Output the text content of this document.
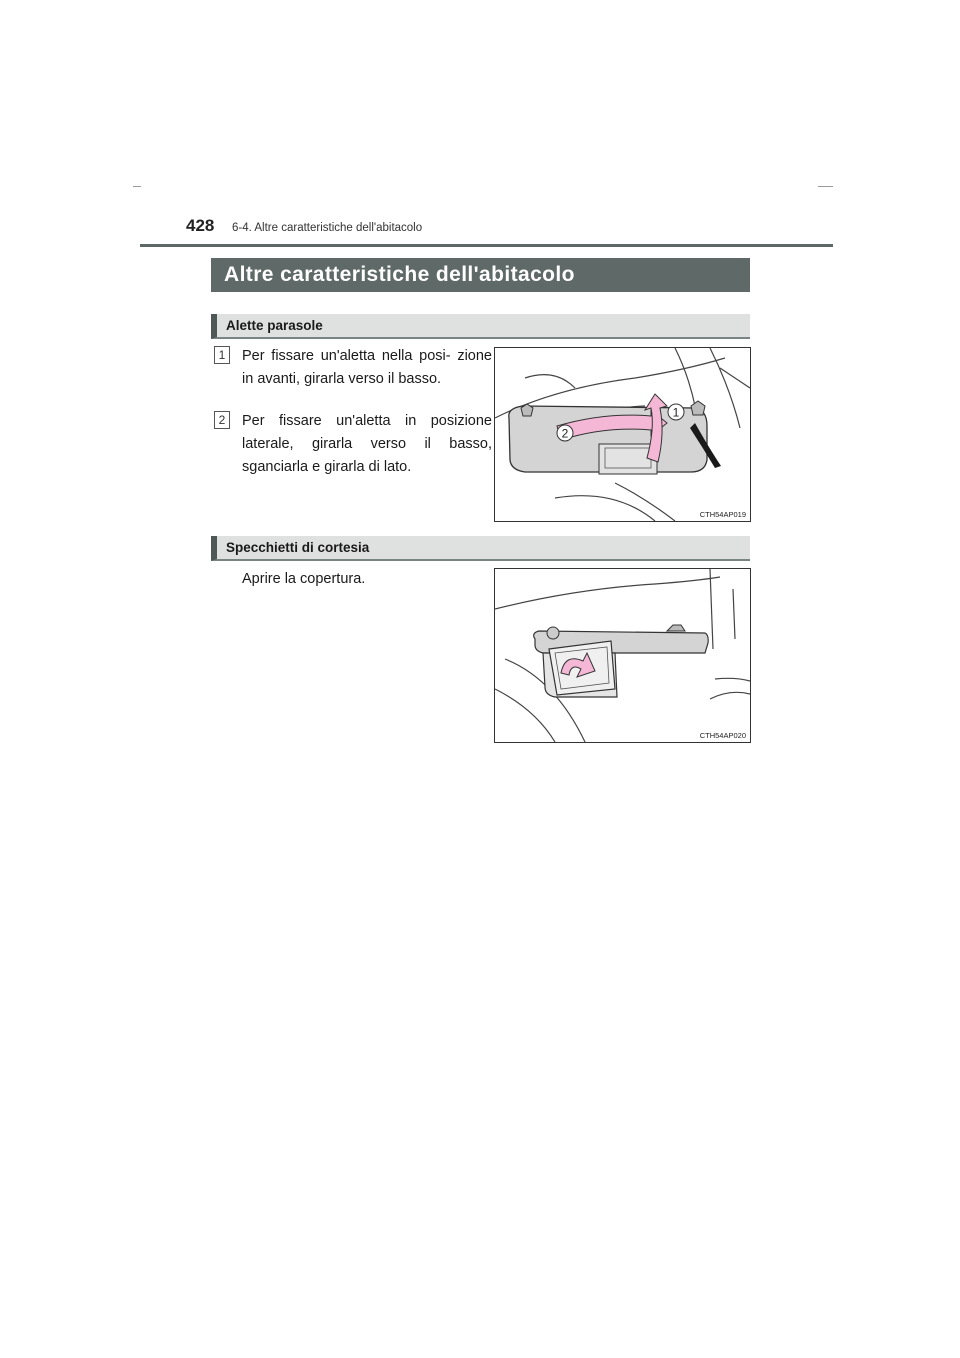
428 6-4. Altre caratteristiche dell'abitacolo
Altre caratteristiche dell'abitacolo
Alette parasole
1	Per fissare un'aletta nella posi- zione in avanti, girarla verso il basso.
2	Per fissare un'aletta in posizione laterale, girarla verso il basso, sganciarla e girarla di lato.
1
2
CTH54AP019
Specchietti di cortesia
Aprire la copertura.
CTH54AP020
